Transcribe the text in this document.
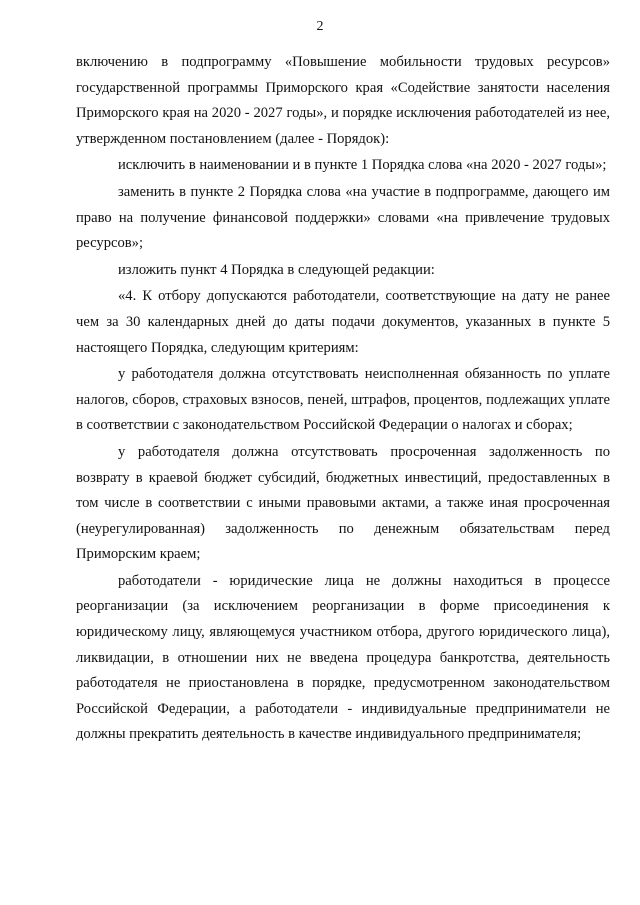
2

включению в подпрограмму «Повышение мобильности трудовых ресурсов» государственной программы Приморского края «Содействие занятости населения Приморского края на 2020 - 2027 годы», и порядке исключения работодателей из нее, утвержденном постановлением (далее - Порядок):

исключить в наименовании и в пункте 1 Порядка слова «на 2020 - 2027 годы»;

заменить в пункте 2 Порядка слова «на участие в подпрограмме, дающего им право на получение финансовой поддержки» словами «на привлечение трудовых ресурсов»;

изложить пункт 4 Порядка в следующей редакции:

«4. К отбору допускаются работодатели, соответствующие на дату не ранее чем за 30 календарных дней до даты подачи документов, указанных в пункте 5 настоящего Порядка, следующим критериям:

у работодателя должна отсутствовать неисполненная обязанность по уплате налогов, сборов, страховых взносов, пеней, штрафов, процентов, подлежащих уплате в соответствии с законодательством Российской Федерации о налогах и сборах;

у работодателя должна отсутствовать просроченная задолженность по возврату в краевой бюджет субсидий, бюджетных инвестиций, предоставленных в том числе в соответствии с иными правовыми актами, а также иная просроченная (неурегулированная) задолженность по денежным обязательствам перед Приморским краем;

работодатели - юридические лица не должны находиться в процессе реорганизации (за исключением реорганизации в форме присоединения к юридическому лицу, являющемуся участником отбора, другого юридического лица), ликвидации, в отношении них не введена процедура банкротства, деятельность работодателя не приостановлена в порядке, предусмотренном законодательством Российской Федерации, а работодатели - индивидуальные предприниматели не должны прекратить деятельность в качестве индивидуального предпринимателя;
